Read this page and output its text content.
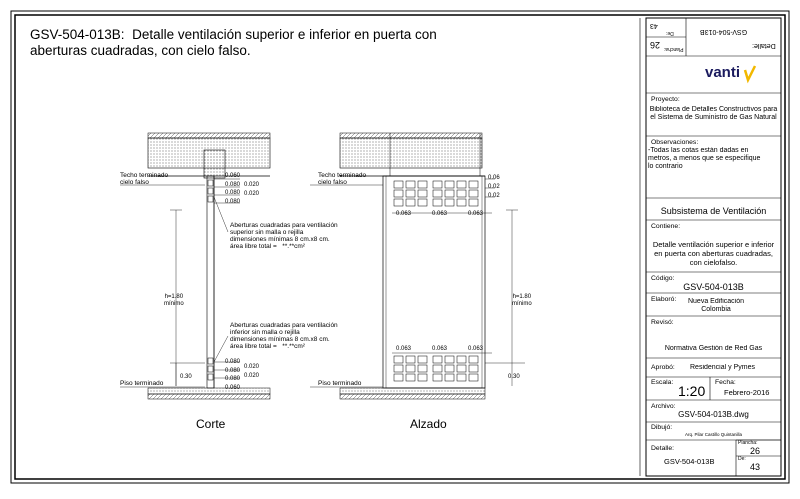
GSV-504-013B: Detalle ventilación superior e inferior en puerta con
aberturas cuadradas, con cielo falso.
43
De:
26 Plancha:
GSV-504-013B
Detalle:
vanti
Proyecto:
Biblioteca de Detalles Constructivos para el Sistema de Suministro de Gas Natural
Observaciones:
-Todas las cotas están dadas en metros, a menos que se especifique lo contrario
Subsistema de Ventilación
Contiene:
Detalle ventilación superior e inferior en puerta con aberturas cuadradas, con cielofalso.
Código:
GSV-504-013B
Elaboró:	Nueva Edificación Colombia
Revisó:
Normativa Gestión de Red Gas
Aprobó: Residencial y Pymes
Escala:
1:20
Fecha:
Febrero-2016
Archivo:
GSV-504-013B.dwg
Dibujó:
Arq. Pilar Castillo Quintanilla
Detalle:
GSV-504-013B
Plancha:
26
De:
43
Techo terminado
cielo falso
0.060
0.080
0.080
0.080
0.020
0.020
Aberturas cuadradas para ventilación
superior sin malla o rejilla
dimensiones mínimas 8 cm.x8 cm.
área libre total = **.**cm²
h=1.80
mínimo
Aberturas cuadradas para ventilación
inferior sin malla o rejilla
dimensiones mínimas 8 cm.x8 cm.
área libre total = **.**cm²
0.080
0.080
0.080
0.060
0.020
0.020
0.30
Piso terminado
Corte
Techo terminado
cielo falso
0.06
0.02
0.02
0.063	0.063	0.063
0.063	0.063	0.063
h=1.80
mínimo
0.30
Piso terminado
Alzado
